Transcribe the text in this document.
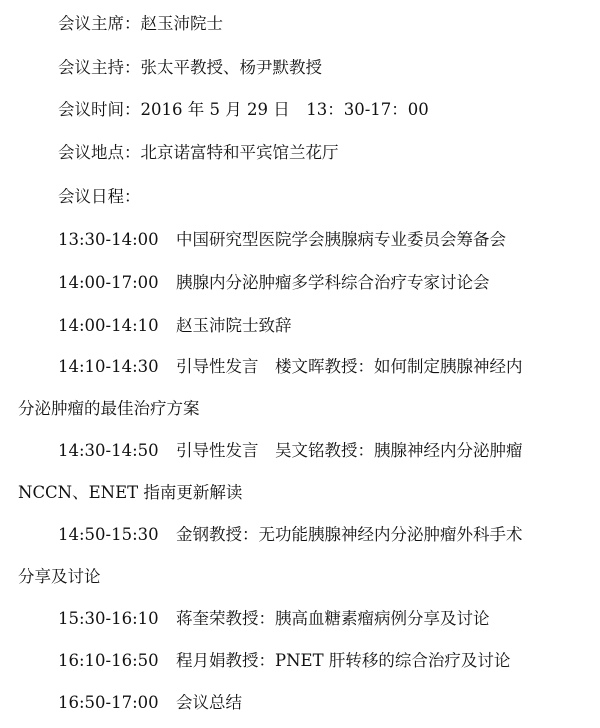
会议主席：赵玉沛院士
会议主持：张太平教授、杨尹默教授
会议时间：2016 年 5 月 29 日　13：30-17：00
会议地点：北京诺富特和平宾馆兰花厅
会议日程：
13:30-14:00 中国研究型医院学会胰腺病专业委员会筹备会
14:00-17:00 胰腺内分泌肿瘤多学科综合治疗专家讨论会
14:00-14:10 赵玉沛院士致辞
14:10-14:30 引导性发言　楼文晖教授：如何制定胰腺神经内
分泌肿瘤的最佳治疗方案
14:30-14:50 引导性发言　吴文铭教授：胰腺神经内分泌肿瘤
NCCN、ENET 指南更新解读
14:50-15:30 金钢教授：无功能胰腺神经内分泌肿瘤外科手术
分享及讨论
15:30-16:10 蒋奎荣教授：胰高血糖素瘤病例分享及讨论
16:10-16:50 程月娟教授：PNET 肝转移的综合治疗及讨论
16:50-17:00 会议总结
